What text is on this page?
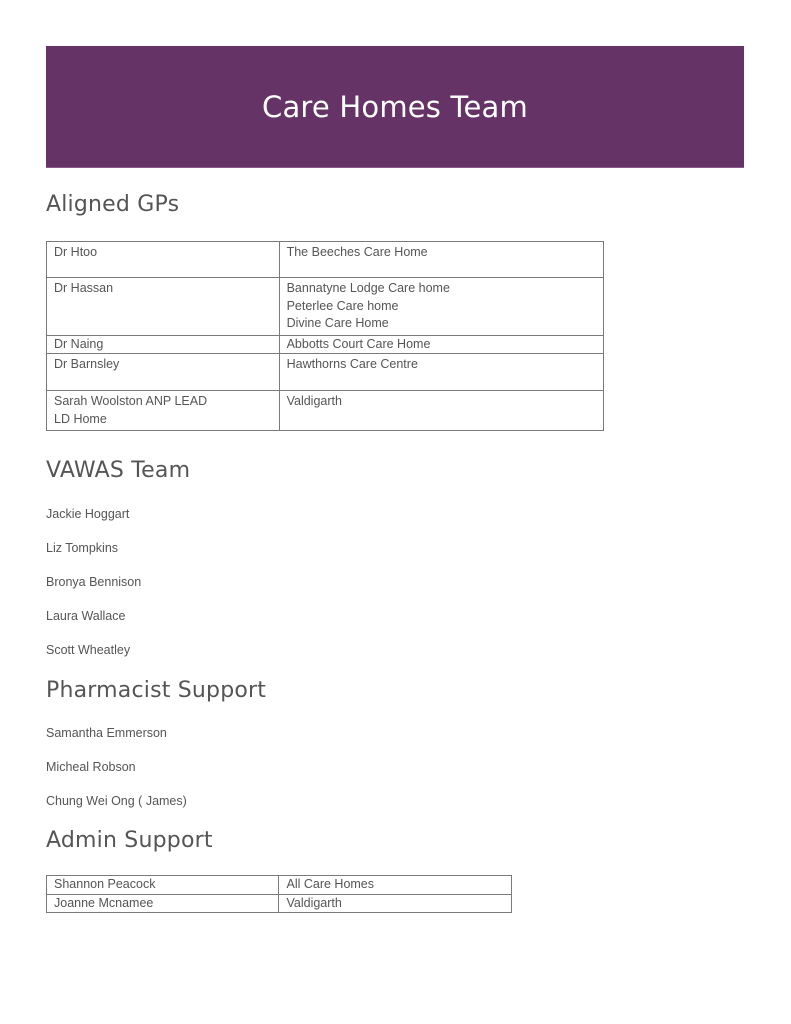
Care Homes Team
Aligned GPs
Dr Htoo	The Beeches Care Home

Dr Hassan	Bannatyne Lodge Care home
Peterlee Care home
Divine Care Home

Dr Naing	Abbotts Court Care Home

Dr Barnsley	Hawthorns Care Centre

Sarah Woolston ANP LEAD
LD Home	Valdigarth
VAWAS Team

Jackie Hoggart

Liz Tompkins

Bronya Bennison

Laura Wallace

Scott Wheatley

Pharmacist Support

Samantha Emmerson

Micheal Robson

Chung Wei Ong ( James)

Admin Support
Shannon Peacock	All Care Homes
Joanne Mcnamee	Valdigarth
